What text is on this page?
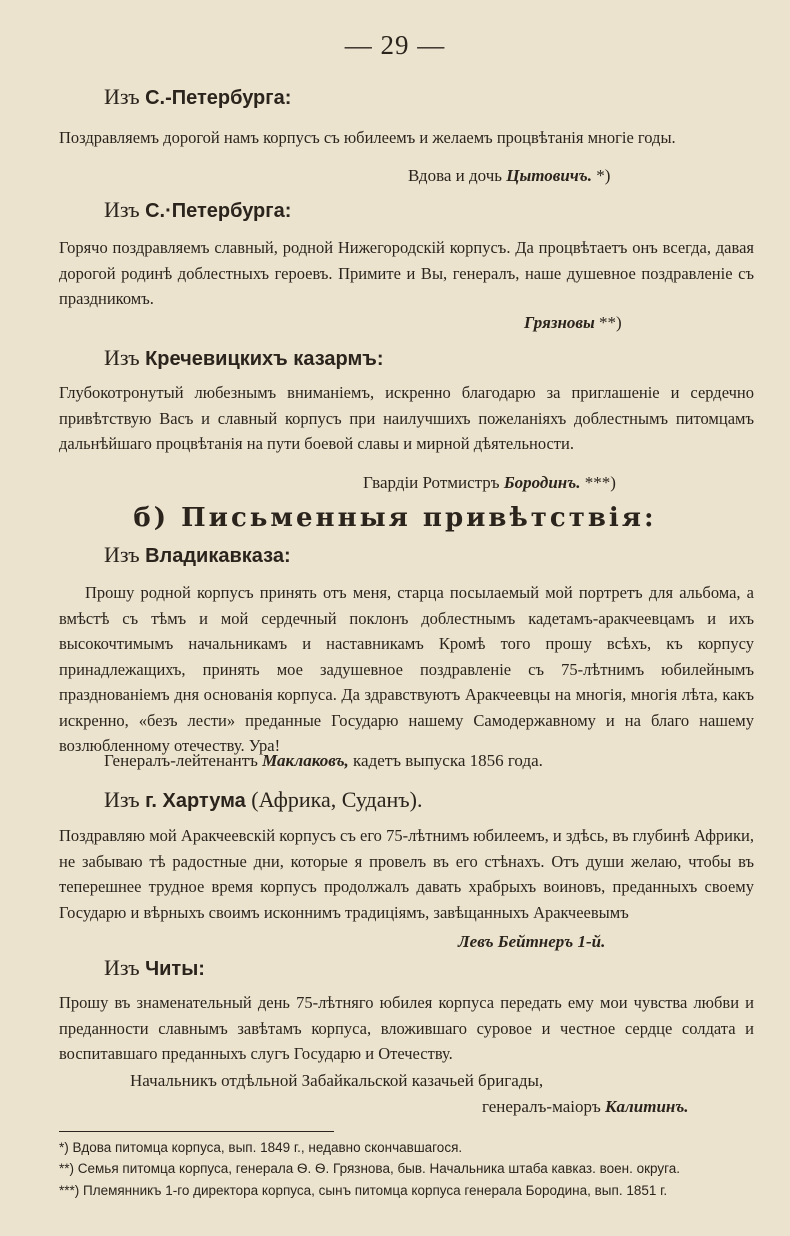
— 29 —
Изъ С.-Петербурга:

Поздравляемъ дорогой намъ корпусъ съ юбилеемъ и желаемъ процвѣтанія многіе годы.

Вдова и дочь Цытовичъ. *)
Изъ С.·Петербурга:

Горячо поздравляемъ славный, родной Нижегородскій корпусъ. Да процвѣтаетъ онъ всегда, давая дорогой родинѣ доблестныхъ героевъ. Примите и Вы, генералъ, наше душевное поздравленіе съ праздникомъ.

Грязновы **)
Изъ Кречевицкихъ казармъ:

Глубокотронутый любезнымъ вниманіемъ, искренно благодарю за приглашеніе и сердечно привѣтствую Васъ и славный корпусъ при наилучшихъ пожеланіяхъ доблестнымъ питомцамъ дальнѣйшаго процвѣтанія на пути боевой славы и мирной дѣятельности.

Гвардіи Ротмистръ Бородинъ. ***)
б) Письменныя привѣтствія:
Изъ Владикавказа:

Прошу родной корпусъ принять отъ меня, старца посылаемый мой портретъ для альбома, а вмѣстѣ съ тѣмъ и мой сердечный поклонъ доблестнымъ кадетамъ-аракчеевцамъ и ихъ высокочтимымъ начальникамъ и наставникамъ Кромѣ того прошу всѣхъ, къ корпусу принадлежащихъ, принять мое задушевное поздравленіе съ 75-лѣтнимъ юбилейнымъ празднованіемъ дня основанія корпуса. Да здравствуютъ Аракчеевцы на многія, многія лѣта, какъ искренно, «безъ лести» преданные Государю нашему Самодержавному и на благо нашему возлюбленному отечеству. Ура!

Генералъ-лейтенантъ Маклаковъ, кадетъ выпуска 1856 года.
Изъ г. Хартума (Африка, Суданъ).

Поздравляю мой Аракчеевскій корпусъ съ его 75-лѣтнимъ юбилеемъ, и здѣсь, въ глубинѣ Африки, не забываю тѣ радостные дни, которые я провелъ въ его стѣнахъ. Отъ души желаю, чтобы въ теперешнее трудное время корпусъ продолжалъ давать храбрыхъ воиновъ, преданныхъ своему Государю и вѣрныхъ своимъ исконнимъ традиціямъ, завѣщанныхъ Аракчеевымъ

Левъ Бейтнеръ 1-й.
Изъ Читы:

Прошу въ знаменательный день 75-лѣтняго юбилея корпуса передать ему мои чувства любви и преданности славнымъ завѣтамъ корпуса, вложившаго суровое и честное сердце солдата и воспитавшаго преданныхъ слугъ Государю и Отечеству.

Начальникъ отдѣльной Забайкальской казачьей бригады,
генералъ-маіоръ Калитинъ.
*) Вдова питомца корпуса, вып. 1849 г., недавно скончавшагося.
**) Семья питомца корпуса, генерала Ѳ. Ѳ. Грязнова, быв. Начальника штаба кавказ. воен. округа.
***) Племянникъ 1-го директора корпуса, сынъ питомца корпуса генерала Бородина, вып. 1851 г.
